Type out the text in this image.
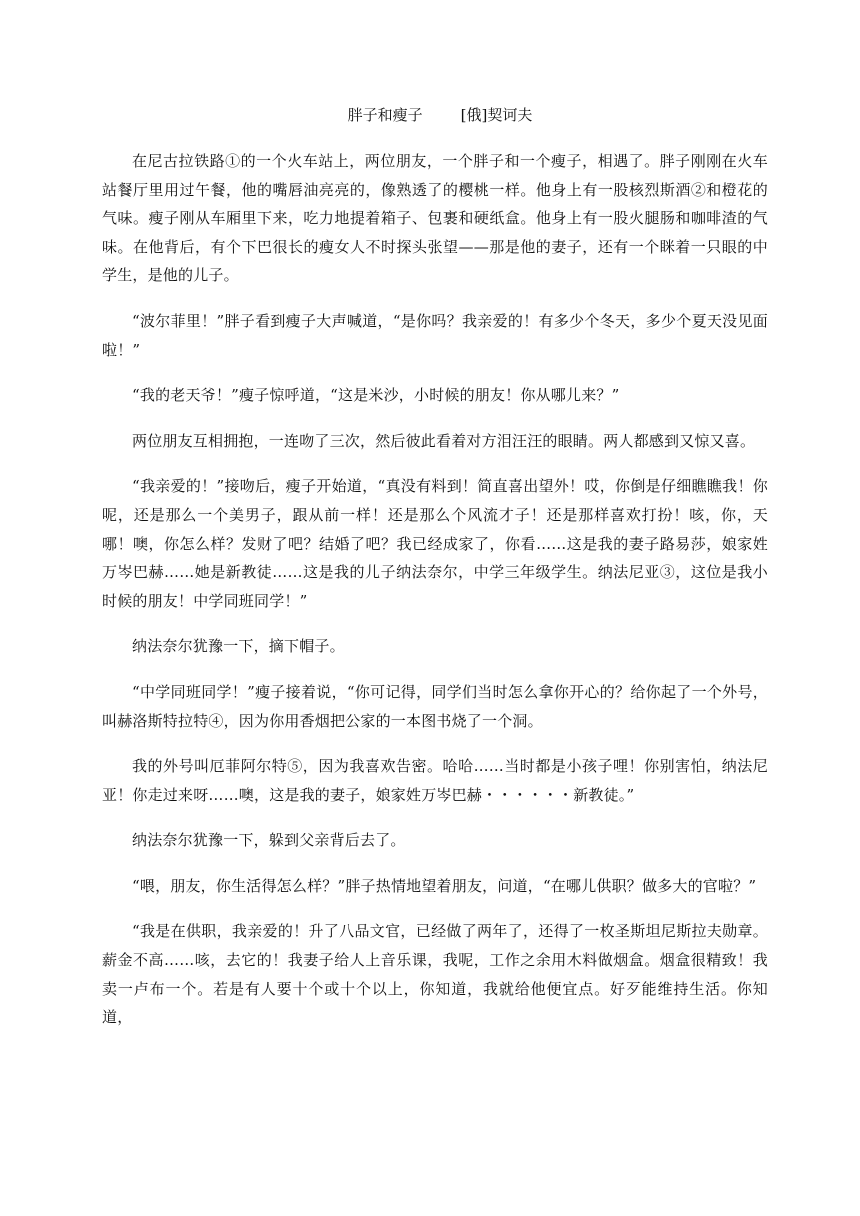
胖子和瘦子	[俄]契诃夫

在尼古拉铁路①的一个火车站上，两位朋友，一个胖子和一个瘦子，相遇了。胖子刚刚在火车站餐厅里用过午餐，他的嘴唇油亮亮的，像熟透了的樱桃一样。他身上有一股核烈斯酒②和橙花的气味。瘦子刚从车厢里下来，吃力地提着箱子、包裹和硬纸盒。他身上有一股火腿肠和咖啡渣的气味。在他背后，有个下巴很长的瘦女人不时探头张望——那是他的妻子，还有一个眯着一只眼的中学生，是他的儿子。

“波尔菲里！”胖子看到瘦子大声喊道，“是你吗？我亲爱的！有多少个冬天，多少个夏天没见面啦！”

“我的老天爷！”瘦子惊呼道，“这是米沙，小时候的朋友！你从哪儿来？”

两位朋友互相拥抱，一连吻了三次，然后彼此看着对方泪汪汪的眼睛。两人都感到又惊又喜。

“我亲爱的！”接吻后，瘦子开始道，“真没有料到！简直喜出望外！哎，你倒是仔细瞧瞧我！你呢，还是那么一个美男子，跟从前一样！还是那么个风流才子！还是那样喜欢打扮！咳，你，天哪！噢，你怎么样？发财了吧？结婚了吧？我已经成家了，你看……这是我的妻子路易莎，娘家姓万岑巴赫……她是新教徒……这是我的儿子纳法奈尔，中学三年级学生。纳法尼亚③，这位是我小时候的朋友！中学同班同学！”

纳法奈尔犹豫一下，摘下帽子。

“中学同班同学！”瘦子接着说，“你可记得，同学们当时怎么拿你开心的？给你起了一个外号，叫赫洛斯特拉特④，因为你用香烟把公家的一本图书烧了一个洞。

我的外号叫厄菲阿尔特⑤，因为我喜欢告密。哈哈……当时都是小孩子哩！你别害怕，纳法尼亚！你走过来呀……噢，这是我的妻子，娘家姓万岑巴赫・・・・・・新教徒。”

纳法奈尔犹豫一下，躲到父亲背后去了。

“喂，朋友，你生活得怎么样？”胖子热情地望着朋友，问道，“在哪儿供职？做多大的官啦？”

“我是在供职，我亲爱的！升了八品文官，已经做了两年了，还得了一枚圣斯坦尼斯拉夫勋章。薪金不高……咳，去它的！我妻子给人上音乐课，我呢，工作之余用木料做烟盒。烟盒很精致！我卖一卢布一个。若是有人要十个或十个以上，你知道，我就给他便宜点。好歹能维持生活。你知道，
